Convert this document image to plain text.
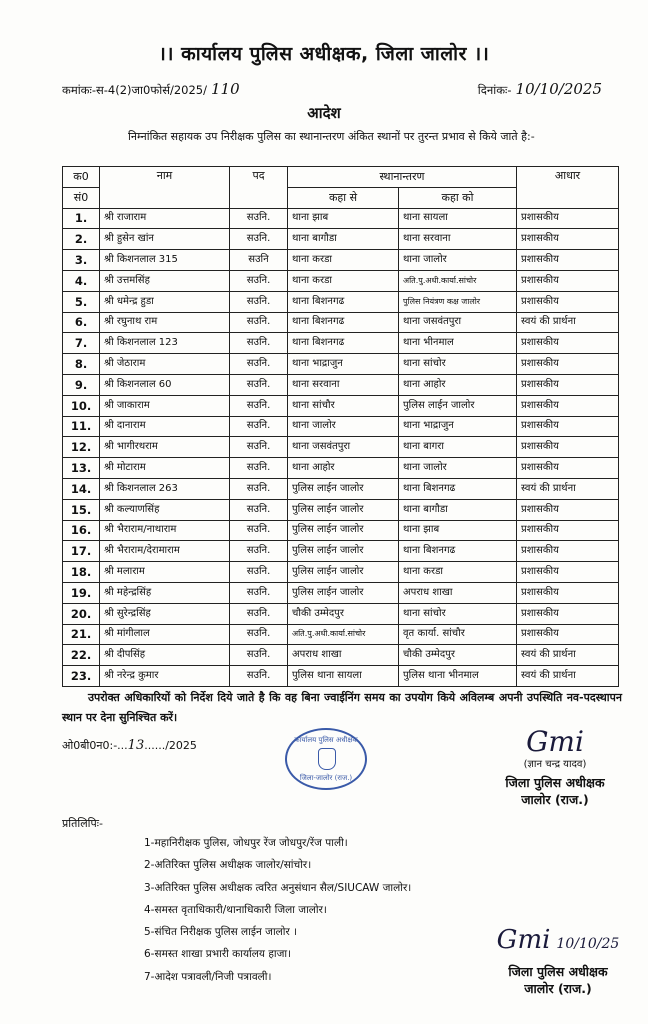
।। कार्यालय पुलिस अधीक्षक, जिला जालोर ।।
कमांकः-स-4(2)जा0फोर्स/2025/ 110	दिनांकः- 10/10/2025
आदेश
निम्नांकित सहायक उप निरीक्षक पुलिस का स्थानान्तरण अंकित स्थानों पर तुरन्त प्रभाव से किये जाते है:-
क0	नाम	पद	स्थानान्तरण		आधार
सं0			कहा से	कहा को	
1.	श्री राजाराम	सउनि.	थाना झाब	थाना सायला	प्रशासकीय
2.	श्री हुसेन खांन	सउनि.	थाना बागौडा	थाना सरवाना	प्रशासकीय
3.	श्री किशनलाल 315	सउनि	थाना करडा	थाना जालोर	प्रशासकीय
4.	श्री उत्तमसिंह	सउनि.	थाना करडा	अति.पु.अधी.कार्या.सांचोर	प्रशासकीय
5.	श्री धमेन्द्र हुडा	सउनि.	थाना बिशनगढ	पुलिस नियंत्रण कक्ष जालोर	प्रशासकीय
6.	श्री रघुनाथ राम	सउनि.	थाना बिशनगढ	थाना जसवंतपुरा	स्वयं की प्रार्थना
7.	श्री किशनलाल 123	सउनि.	थाना बिशनगढ	थाना भीनमाल	प्रशासकीय
8.	श्री जेठाराम	सउनि.	थाना भाद्राजुन	थाना सांचोर	प्रशासकीय
9.	श्री किशनलाल 60	सउनि.	थाना सरवाना	थाना आहोर	प्रशासकीय
10.	श्री जाकाराम	सउनि.	थाना सांचौर	पुलिस लाईन जालोर	प्रशासकीय
11.	श्री दानाराम	सउनि.	थाना जालोर	थाना भाद्राजुन	प्रशासकीय
12.	श्री भागीरथराम	सउनि.	थाना जसवंतपुरा	थाना बागरा	प्रशासकीय
13.	श्री मोटाराम	सउनि.	थाना आहोर	थाना जालोर	प्रशासकीय
14.	श्री किशनलाल 263	सउनि.	पुलिस लाईन जालोर	थाना बिशनगढ	स्वयं की प्रार्थना
15.	श्री कल्याणसिंह	सउनि.	पुलिस लाईन जालोर	थाना बागौडा	प्रशासकीय
16.	श्री भैराराम/नाथाराम	सउनि.	पुलिस लाईन जालोर	थाना झाब	प्रशासकीय
17.	श्री भैराराम/देरामाराम	सउनि.	पुलिस लाईन जालोर	थाना बिशनगढ	प्रशासकीय
18.	श्री मलाराम	सउनि.	पुलिस लाईन जालोर	थाना करडा	प्रशासकीय
19.	श्री महेन्द्रसिंह	सउनि.	पुलिस लाईन जालोर	अपराध शाखा	प्रशासकीय
20.	श्री सुरेन्द्रसिंह	सउनि.	चौकी उम्मेदपुर	थाना सांचोर	प्रशासकीय
21.	श्री मांगीलाल	सउनि.	अति.पु.अधी.कार्या.सांचोर	वृत कार्या. सांचौर	प्रशासकीय
22.	श्री दीपसिंह	सउनि.	अपराध शाखा	चौकी उम्मेदपुर	स्वयं की प्रार्थना
23.	श्री नरेन्द्र कुमार	सउनि.	पुलिस थाना सायला	पुलिस थाना भीनमाल	स्वयं की प्रार्थना
उपरोक्त अधिकारियों को निर्देश दिये जाते है कि वह बिना ज्वाईनिंग समय का उपयोग किये अविलम्ब अपनी उपस्थिति नव-पदस्थापन स्थान पर देना सुनिश्चित करें।
ओ0बी0न0:-...13....../2025	कार्यालय पुलिस अधीक्षक
जिला-जालोर (राज.)
Gmi
(ज्ञान चन्द्र यादव)
जिला पुलिस अधीक्षक
जालोर (राज.)
प्रतिलिपिः-
1-महानिरीक्षक पुलिस, जोधपुर रेंज जोधपुर/रेंज पाली।
2-अतिरिक्त पुलिस अधीक्षक जालोर/सांचोर।
3-अतिरिक्त पुलिस अधीक्षक त्वरित अनुसंधान सैल/SIUCAW जालोर।
4-समस्त वृताधिकारी/थानाधिकारी जिला जालोर।
5-संचित निरीक्षक पुलिस लाईन जालोर ।
6-समस्त शाखा प्रभारी कार्यालय हाजा।
7-आदेश पत्रावली/निजी पत्रावली।
Gmi 10/10/25
जिला पुलिस अधीक्षक
जालोर (राज.)
